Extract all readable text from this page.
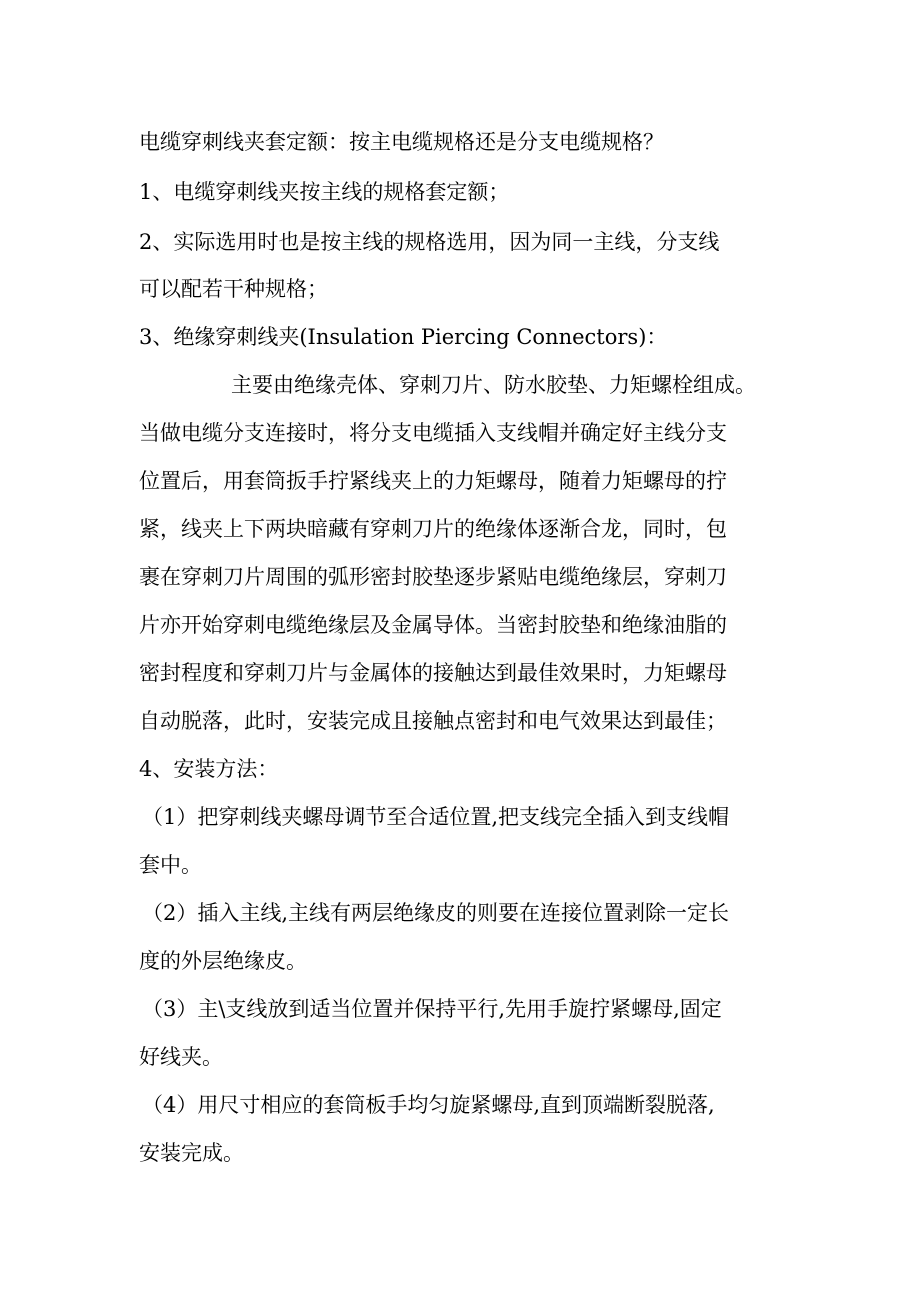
电缆穿刺线夹套定额：按主电缆规格还是分支电缆规格？
1、电缆穿刺线夹按主线的规格套定额；
2、实际选用时也是按主线的规格选用，因为同一主线，分支线
可以配若干种规格；
3、绝缘穿刺线夹(Insulation Piercing Connectors)：
主要由绝缘壳体、穿刺刀片、防水胶垫、力矩螺栓组成。
当做电缆分支连接时，将分支电缆插入支线帽并确定好主线分支
位置后，用套筒扳手拧紧线夹上的力矩螺母，随着力矩螺母的拧
紧，线夹上下两块暗藏有穿刺刀片的绝缘体逐渐合龙，同时，包
裹在穿刺刀片周围的弧形密封胶垫逐步紧贴电缆绝缘层，穿刺刀
片亦开始穿刺电缆绝缘层及金属导体。当密封胶垫和绝缘油脂的
密封程度和穿刺刀片与金属体的接触达到最佳效果时，力矩螺母
自动脱落，此时，安装完成且接触点密封和电气效果达到最佳；
4、安装方法：
（1）把穿刺线夹螺母调节至合适位置,把支线完全插入到支线帽
套中。
（2）插入主线,主线有两层绝缘皮的则要在连接位置剥除一定长
度的外层绝缘皮。
（3）主\支线放到适当位置并保持平行,先用手旋拧紧螺母,固定
好线夹。
（4）用尺寸相应的套筒板手均匀旋紧螺母,直到顶端断裂脱落,
安装完成。
